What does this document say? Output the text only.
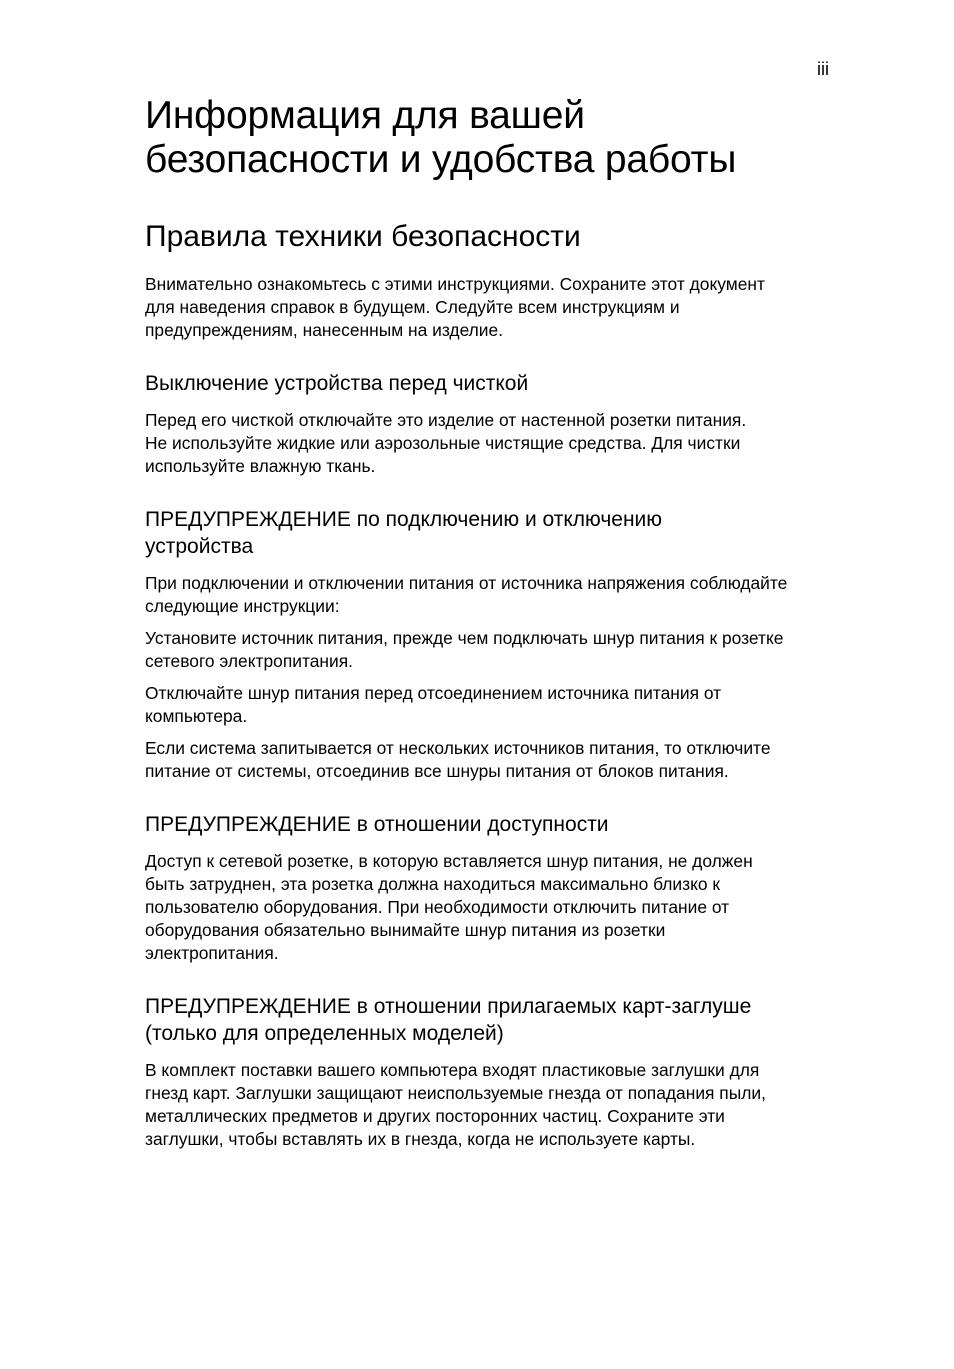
iii
Информация для вашей
безопасности и удобства работы
Правила техники безопасности

Внимательно ознакомьтесь с этими инструкциями. Сохраните этот документ
для наведения справок в будущем. Следуйте всем инструкциям и
предупреждениям, нанесенным на изделие.

Выключение устройства перед чисткой

Перед его чисткой отключайте это изделие от настенной розетки питания.
Не используйте жидкие или аэрозольные чистящие средства. Для чистки
используйте влажную ткань.

ПРЕДУПРЕЖДЕНИЕ по подключению и отключению
устройства

При подключении и отключении питания от источника напряжения соблюдайте
следующие инструкции:

Установите источник питания, прежде чем подключать шнур питания к розетке
сетевого электропитания.

Отключайте шнур питания перед отсоединением источника питания от
компьютера.

Если система запитывается от нескольких источников питания, то отключите
питание от системы, отсоединив все шнуры питания от блоков питания.

ПРЕДУПРЕЖДЕНИЕ в отношении доступности

Доступ к сетевой розетке, в которую вставляется шнур питания, не должен
быть затруднен, эта розетка должна находиться максимально близко к
пользователю оборудования. При необходимости отключить питание от
оборудования обязательно вынимайте шнур питания из розетки
электропитания.

ПРЕДУПРЕЖДЕНИЕ в отношении прилагаемых карт-заглуше
(только для определенных моделей)

В комплект поставки вашего компьютера входят пластиковые заглушки для
гнезд карт. Заглушки защищают неиспользуемые гнезда от попадания пыли,
металлических предметов и других посторонних частиц. Сохраните эти
заглушки, чтобы вставлять их в гнезда, когда не используете карты.
